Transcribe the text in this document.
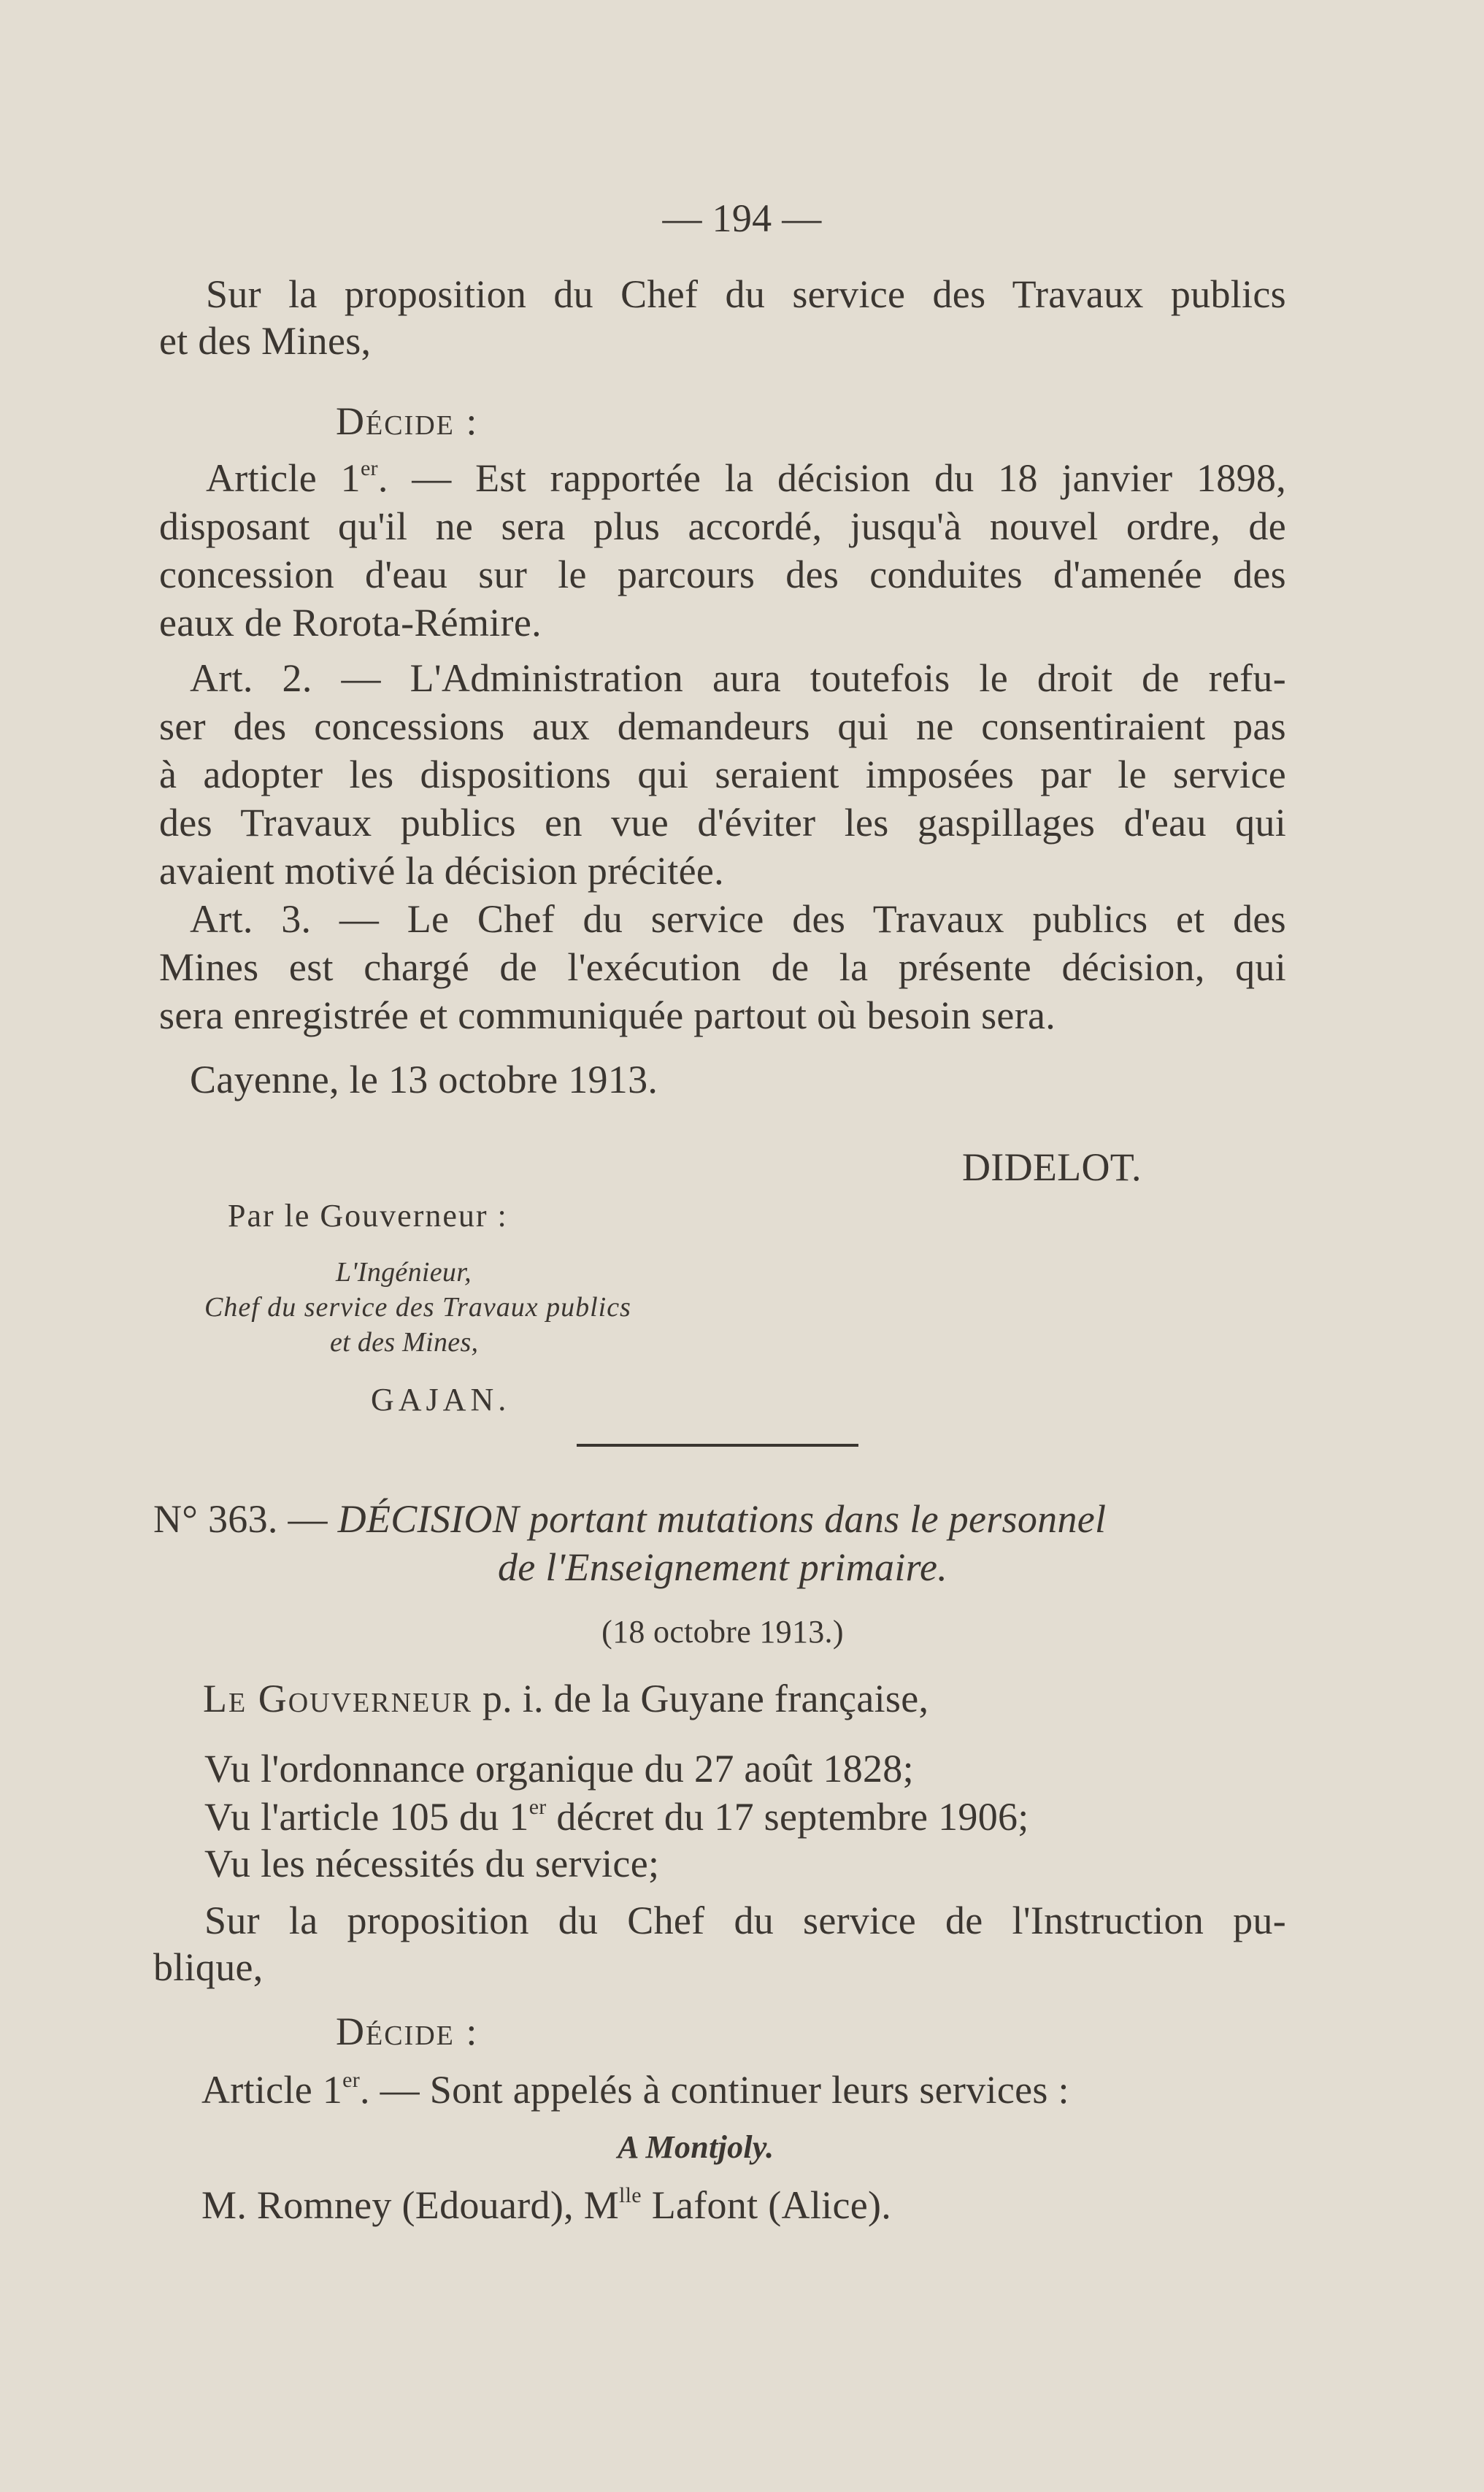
— 194 —
Sur la proposition du Chef du service des Travaux publics
et des Mines,
Décide :
Article 1er. — Est rapportée la décision du 18 janvier 1898,
disposant qu'il ne sera plus accordé, jusqu'à nouvel ordre, de
concession d'eau sur le parcours des conduites d'amenée des
eaux de Rorota-Rémire.
Art. 2. — L'Administration aura toutefois le droit de refu-
ser des concessions aux demandeurs qui ne consentiraient pas
à adopter les dispositions qui seraient imposées par le service
des Travaux publics en vue d'éviter les gaspillages d'eau qui
avaient motivé la décision précitée.
Art. 3. — Le Chef du service des Travaux publics et des
Mines est chargé de l'exécution de la présente décision, qui
sera enregistrée et communiquée partout où besoin sera.
Cayenne, le 13 octobre 1913.
DIDELOT.
Par le Gouverneur :
L'Ingénieur,
Chef du service des Travaux publics
et des Mines,
GAJAN.
N° 363. — DÉCISION portant mutations dans le personnel
de l'Enseignement primaire.
(18 octobre 1913.)
Le Gouverneur p. i. de la Guyane française,
Vu l'ordonnance organique du 27 août 1828;
Vu l'article 105 du 1er décret du 17 septembre 1906;
Vu les nécessités du service;
Sur la proposition du Chef du service de l'Instruction pu-
blique,
Décide :
Article 1er. — Sont appelés à continuer leurs services :
A Montjoly.
M. Romney (Edouard), $M^{lle}$ Lafont (Alice).
